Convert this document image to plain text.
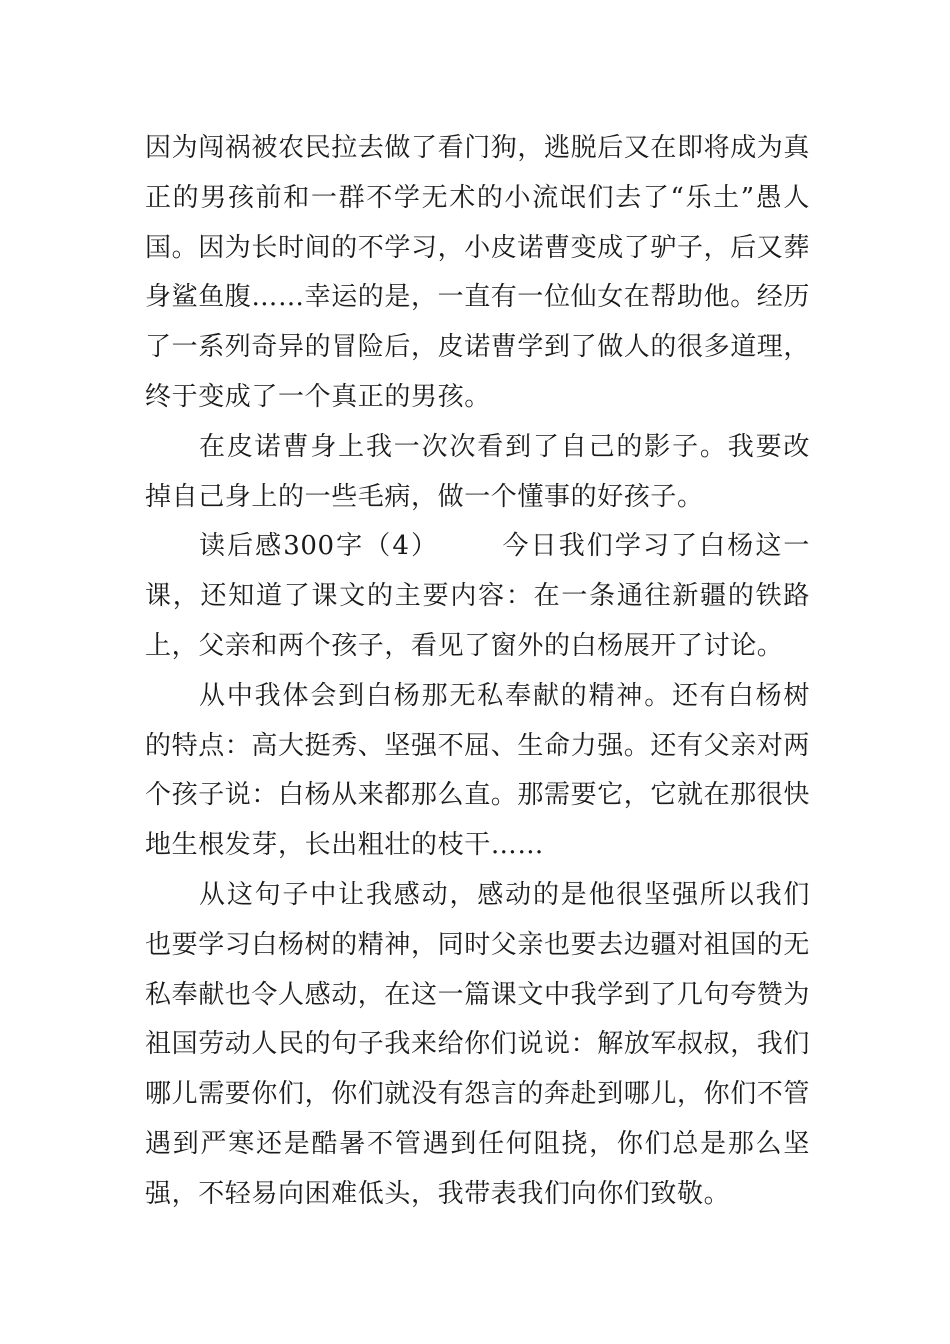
因为闯祸被农民拉去做了看门狗，逃脱后又在即将成为真正的男孩前和一群不学无术的小流氓们去了“乐土”愚人国。因为长时间的不学习，小皮诺曹变成了驴子，后又葬身鲨鱼腹……幸运的是，一直有一位仙女在帮助他。经历了一系列奇异的冒险后，皮诺曹学到了做人的很多道理，终于变成了一个真正的男孩。

在皮诺曹身上我一次次看到了自己的影子。我要改掉自己身上的一些毛病，做一个懂事的好孩子。

读后感300字（4） 今日我们学习了白杨这一课，还知道了课文的主要内容：在一条通往新疆的铁路上，父亲和两个孩子，看见了窗外的白杨展开了讨论。

从中我体会到白杨那无私奉献的精神。还有白杨树的特点：高大挺秀、坚强不屈、生命力强。还有父亲对两个孩子说：白杨从来都那么直。那需要它，它就在那很快地生根发芽，长出粗壮的枝干……

从这句子中让我感动，感动的是他很坚强所以我们也要学习白杨树的精神，同时父亲也要去边疆对祖国的无私奉献也令人感动，在这一篇课文中我学到了几句夸赞为祖国劳动人民的句子我来给你们说说：解放军叔叔，我们哪儿需要你们，你们就没有怨言的奔赴到哪儿，你们不管遇到严寒还是酷暑不管遇到任何阻挠，你们总是那么坚强，不轻易向困难低头，我带表我们向你们致敬。
